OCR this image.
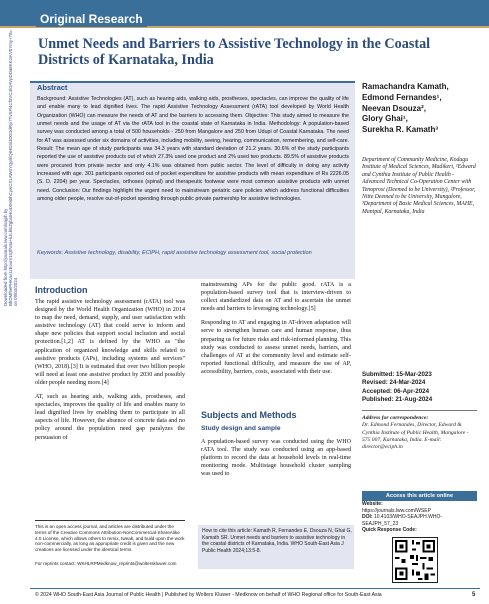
Original Research
Downloaded from http://journals.lww.com/sajph by BhDMf5ePHKav1zEoum1tQfN4a+kJLhEZgbsIHo4XMi0hCywCX1AWnYQp/IlQrHD3i3D0OdRyi7TvSFl4Cf3VC4/OAVpDDa8KKGKV0Ymy+78= on 09/03/2024
Unmet Needs and Barriers to Assistive Technology in the Coastal Districts of Karnataka, India
Abstract
Background: Assistive Technologies (AT), such as hearing aids, walking aids, prostheses, spectacles, can improve the quality of life and enable many to lead dignified lives. The rapid Assistive Technology Assessment (rATA) tool developed by World Health Organization (WHO) can measure the needs of AT and the barriers to accessing them. Objective: This study aimed to measure the unmet needs and the usage of AT via the rATA tool in the coastal state of Karnataka in India. Methodology: A population-based survey was conducted among a total of 500 households - 250 from Mangalore and 250 from Udupi of Coastal Karnataka. The need for AT was assessed under six domains of activities, including mobility, seeing, hearing, communication, remembering, and self-care. Result: The mean age of study participants was 34.3 years with standard deviation of 21.2 years. 30.6% of the study participants reported the use of assistive products out of which 27.3% used one product and 2% used two products. 89.5% of assistive products were procured from private sector and only 4.1% was obtained from public sector. The level of difficulty in doing any activity increased with age. 301 participants reported out of pocket expenditure for assistive products with mean expenditure of Rs 2226.05 (S. D. 2204) per year. Spectacles, orthoses (spinal) and therapeutic footwear were most common assistive products with unmet need. Conclusion: Our findings highlight the urgent need to mainstream geriatric care policies which address functional difficulties among older people, resolve out-of-pocket spending through public private partnership for assistive technologies.
Keywords: Assistive technology, disability, ECIPH, rapid assistive technology assessment tool, social protection
Ramachandra Kamath,
Edmond Fernandes¹,
Neevan Dsouza²,
Glory Ghai¹,
Surekha R. Kamath³
Department of Community Medicine, Kodagu Institute of Medical Sciences, Madikeri, ¹Edward and Cynthia Institute of Public Health - Advanced Technical Co-Operation Center with Tenoprosi (Deemed to be University), ²Professor, Nitte Deemed to be University, Mangalore, ³Department of Basic Medical Sciences, MAHE, Manipal, Karnataka, India
Introduction

The rapid assistive technology assessment (rATA) tool was designed by the World Health Organization (WHO) in 2014 to map the need, demand, supply, and user satisfaction with assistive technology (AT) that could serve to inform and shape new policies that support social inclusion and social protection.[1,2] AT is defined by the WHO as "the application of organized knowledge and skills related to assistive products (APs), including systems and services" (WHO, 2018).[3] It is estimated that over two billion people will need at least one assistive product by 2030 and possibly older people needing more.[4]

AT, such as hearing aids, walking aids, prostheses, and spectacles, improves the quality of life and enables many to lead dignified lives by enabling them to participate in all aspects of life. However, the absence of concrete data and no policy around the population need gap paralyzes the persuasion of

mainstreaming APs for the public good. rATA is a population-based survey tool that is interview-driven to collect standardized data on AT and to ascertain the unmet needs and barriers to leveraging technology.[5]

Responding to AT and engaging in AT-driven adaptation will serve to strengthen human care and human response, thus preparing us for future risks and risk-informed planning. This study was conducted to assess unmet needs, barriers, and challenges of AT at the community level and estimate self-reported functional difficulty, and measure the use of AP, accessibility, barriers, costs, associated with their use.

Subjects and Methods
Study design and sample
A population-based survey was conducted using the WHO rATA tool. The study was conducted using an app-based platform to record the data at household levels in real-time monitoring mode. Multistage household cluster sampling was used to
This is an open access journal, and articles are distributed under the terms of the Creative Commons Attribution-NonCommercial-ShareAlike 4.0 License, which allows others to remix, tweak, and build upon the work non-commercially, as long as appropriate credit is given and the new creations are licensed under the identical terms.
For reprints contact: WKHLRPMedknow_reprints@wolterskluwer.com
How to cite this article: Kamath R, Fernandes E, Dsouza N, Ghai G, Kamath SR. Unmet needs and barriers to assistive technology in the coastal districts of Karnataka, India. WHO South-East Asia J Public Health 2024;13:5-8.
Submitted: 15-Mar-2023
Revised: 24-Mar-2024
Accepted: 06-Apr-2024
Published: 21-Aug-2024
Address for correspondence:
Dr. Edmond Fernandes, Director, Edward & Cynthia Institute of Public Health, Mangalore - 575 007, Karnataka, India. E-mail: director@eciph.in
Access this article online
Website:
https://journals.lww.com/WSEP
DOI: 10.4103/WHO-SEAJPH.WHO-SEAJPH_57_23
Quick Response Code:
© 2024 WHO South-East Asia Journal of Public Health | Published by Wolters Kluwer - Medknow on behalf of WHO Regional office for South-East Asia	5
